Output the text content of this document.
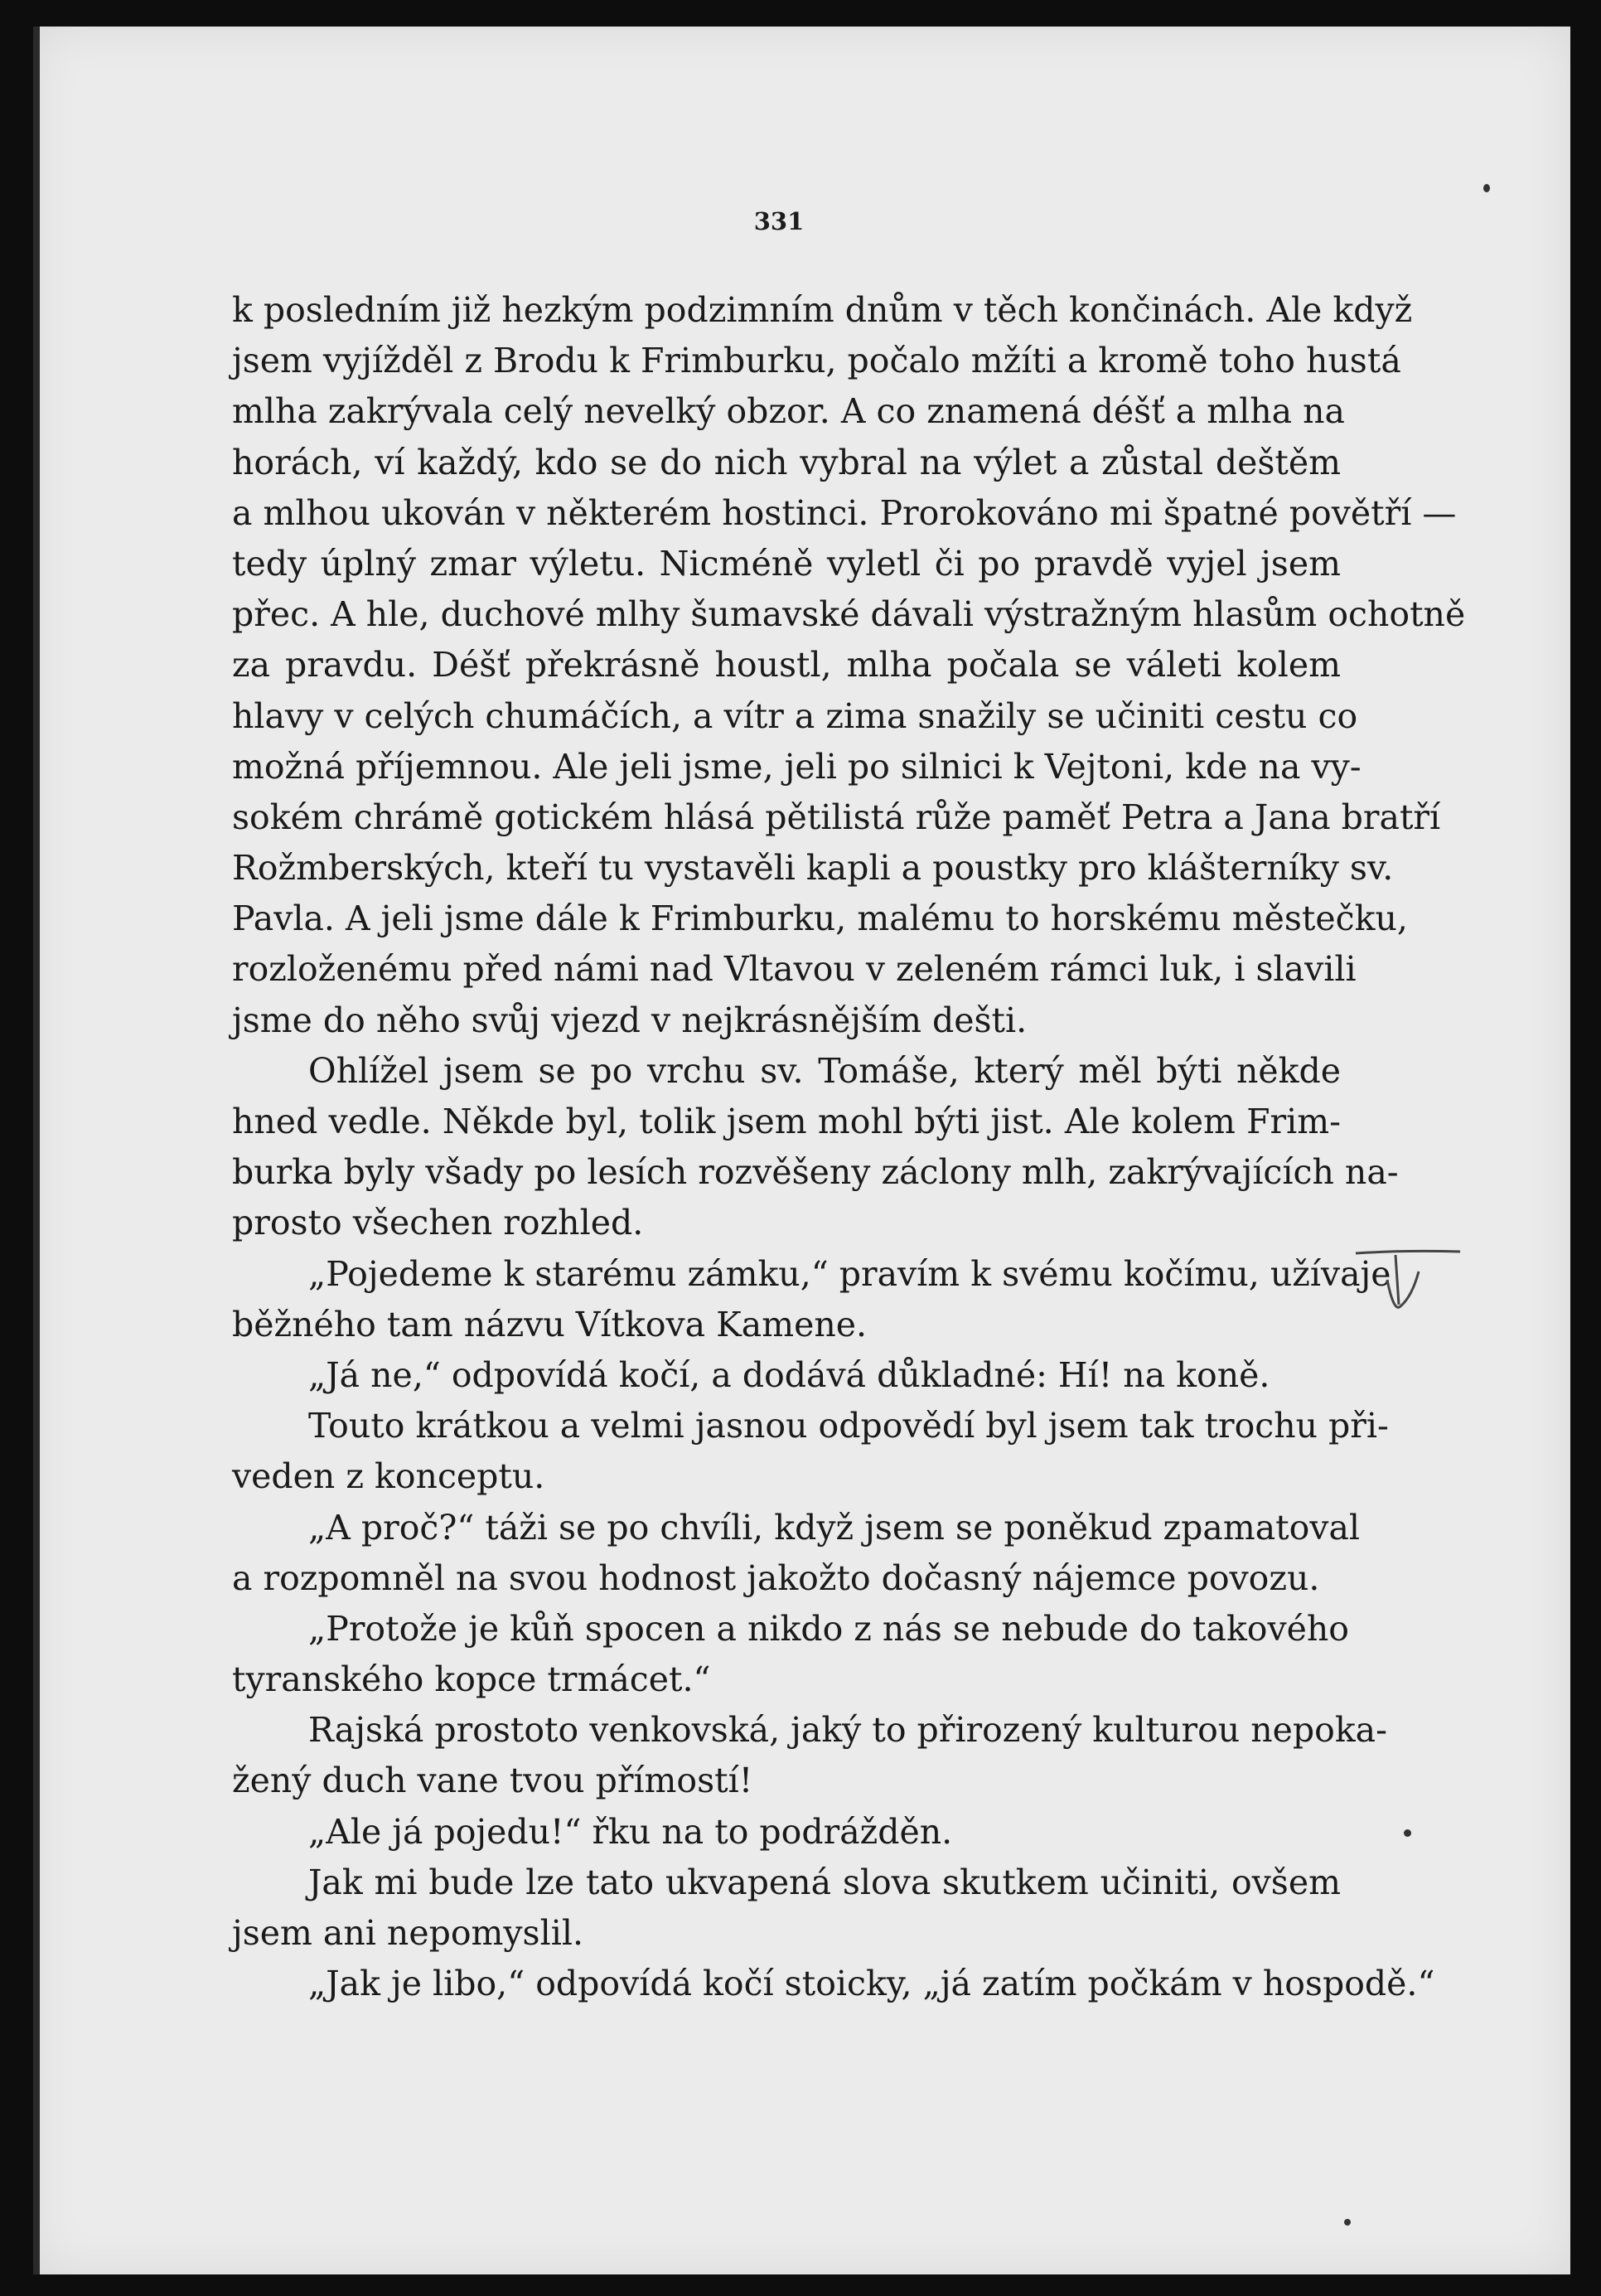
331
k posledním již hezkým podzimním dnům v těch končinách. Ale když
jsem vyjížděl z Brodu k Frimburku, počalo mžíti a kromě toho hustá
mlha zakrývala celý nevelký obzor. A co znamená déšť a mlha na
horách, ví každý, kdo se do nich vybral na výlet a zůstal deštěm
a mlhou ukován v některém hostinci. Prorokováno mi špatné povětří —
tedy úplný zmar výletu. Nicméně vyletl či po pravdě vyjel jsem
přec. A hle, duchové mlhy šumavské dávali výstražným hlasům ochotně
za pravdu. Déšť překrásně houstl, mlha počala se váleti kolem
hlavy v celých chumáčích, a vítr a zima snažily se učiniti cestu co
možná příjemnou. Ale jeli jsme, jeli po silnici k Vejtoni, kde na vy-
sokém chrámě gotickém hlásá pětilistá růže paměť Petra a Jana bratří
Rožmberských, kteří tu vystavěli kapli a poustky pro klášterníky sv.
Pavla. A jeli jsme dále k Frimburku, malému to horskému městečku,
rozloženému před námi nad Vltavou v zeleném rámci luk, i slavili
jsme do něho svůj vjezd v nejkrásnějším dešti.
Ohlížel jsem se po vrchu sv. Tomáše, který měl býti někde
hned vedle. Někde byl, tolik jsem mohl býti jist. Ale kolem Frim-
burka byly všady po lesích rozvěšeny záclony mlh, zakrývajících na-
prosto všechen rozhled.
„Pojedeme k starému zámku,“ pravím k svému kočímu, užívaje
běžného tam názvu Vítkova Kamene.
„Já ne,“ odpovídá kočí, a dodává důkladné: Hí! na koně.
Touto krátkou a velmi jasnou odpovědí byl jsem tak trochu při-
veden z konceptu.
„A proč?“ táži se po chvíli, když jsem se poněkud zpamatoval
a rozpomněl na svou hodnost jakožto dočasný nájemce povozu.
„Protože je kůň spocen a nikdo z nás se nebude do takového
tyranského kopce trmácet.“
Rajská prostoto venkovská, jaký to přirozený kulturou nepoka-
žený duch vane tvou přímostí!
„Ale já pojedu!“ řku na to podrážděn.
Jak mi bude lze tato ukvapená slova skutkem učiniti, ovšem
jsem ani nepomyslil.
„Jak je libo,“ odpovídá kočí stoicky, „já zatím počkám v hospodě.“
